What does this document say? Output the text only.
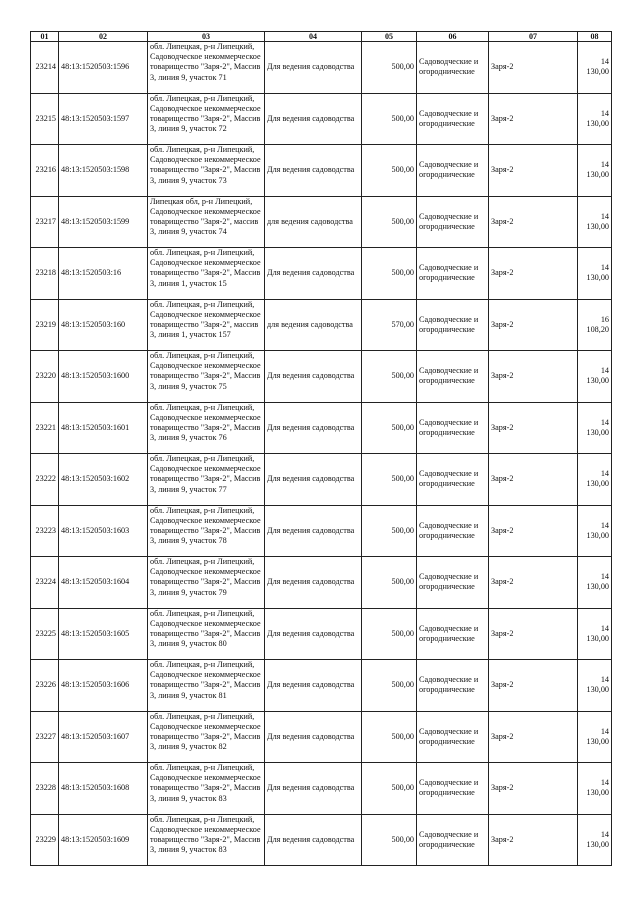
01	02	03	04	05	06	07	08
23214	48:13:1520503:1596	обл. Липецкая, р-н Липецкий, Садоводческое некоммерческое товарищество "Заря-2", Массив 3, линия 9, участок 71	Для ведения садоводства	500,00	Садоводческие и огороднические	Заря-2	14 130,00
23215	48:13:1520503:1597	обл. Липецкая, р-н Липецкий, Садоводческое некоммерческое товарищество "Заря-2", Массив 3, линия 9, участок 72	Для ведения садоводства	500,00	Садоводческие и огороднические	Заря-2	14 130,00
23216	48:13:1520503:1598	обл. Липецкая, р-н Липецкий, Садоводческое некоммерческое товарищество "Заря-2", Массив 3, линия 9, участок 73	Для ведения садоводства	500,00	Садоводческие и огороднические	Заря-2	14 130,00
23217	48:13:1520503:1599	Липецкая обл, р-н Липецкий, Садоводческое некоммерческое товарищество "Заря-2", массив 3, линия 9, участок 74	для ведения садоводства	500,00	Садоводческие и огороднические	Заря-2	14 130,00
23218	48:13:1520503:16	обл. Липецкая, р-н Липецкий, Садоводческое некоммерческое товарищество "Заря-2", Массив 3, линия 1, участок 15	Для ведения садоводства	500,00	Садоводческие и огороднические	Заря-2	14 130,00
23219	48:13:1520503:160	обл. Липецкая, р-н Липецкий, Садоводческое некоммерческое товарищество "Заря-2", массив 3, линия 1, участок 157	для ведения садоводства	570,00	Садоводческие и огороднические	Заря-2	16 108,20
23220	48:13:1520503:1600	обл. Липецкая, р-н Липецкий, Садоводческое некоммерческое товарищество "Заря-2", Массив 3, линия 9, участок 75	Для ведения садоводства	500,00	Садоводческие и огороднические	Заря-2	14 130,00
23221	48:13:1520503:1601	обл. Липецкая, р-н Липецкий, Садоводческое некоммерческое товарищество "Заря-2", Массив 3, линия 9, участок 76	Для ведения садоводства	500,00	Садоводческие и огороднические	Заря-2	14 130,00
23222	48:13:1520503:1602	обл. Липецкая, р-н Липецкий, Садоводческое некоммерческое товарищество "Заря-2", Массив 3, линия 9, участок 77	Для ведения садоводства	500,00	Садоводческие и огороднические	Заря-2	14 130,00
23223	48:13:1520503:1603	обл. Липецкая, р-н Липецкий, Садоводческое некоммерческое товарищество "Заря-2", Массив 3, линия 9, участок 78	Для ведения садоводства	500,00	Садоводческие и огороднические	Заря-2	14 130,00
23224	48:13:1520503:1604	обл. Липецкая, р-н Липецкий, Садоводческое некоммерческое товарищество "Заря-2", Массив 3, линия 9, участок 79	Для ведения садоводства	500,00	Садоводческие и огороднические	Заря-2	14 130,00
23225	48:13:1520503:1605	обл. Липецкая, р-н Липецкий, Садоводческое некоммерческое товарищество "Заря-2", Массив 3, линия 9, участок 80	Для ведения садоводства	500,00	Садоводческие и огороднические	Заря-2	14 130,00
23226	48:13:1520503:1606	обл. Липецкая, р-н Липецкий, Садоводческое некоммерческое товарищество "Заря-2", Массив 3, линия 9, участок 81	Для ведения садоводства	500,00	Садоводческие и огороднические	Заря-2	14 130,00
23227	48:13:1520503:1607	обл. Липецкая, р-н Липецкий, Садоводческое некоммерческое товарищество "Заря-2", Массив 3, линия 9, участок 82	Для ведения садоводства	500,00	Садоводческие и огороднические	Заря-2	14 130,00
23228	48:13:1520503:1608	обл. Липецкая, р-н Липецкий, Садоводческое некоммерческое товарищество "Заря-2", Массив 3, линия 9, участок 83	Для ведения садоводства	500,00	Садоводческие и огороднические	Заря-2	14 130,00
23229	48:13:1520503:1609	обл. Липецкая, р-н Липецкий, Садоводческое некоммерческое товарищество "Заря-2", Массив 3, линия 9, участок 83	Для ведения садоводства	500,00	Садоводческие и огороднические	Заря-2	14 130,00
